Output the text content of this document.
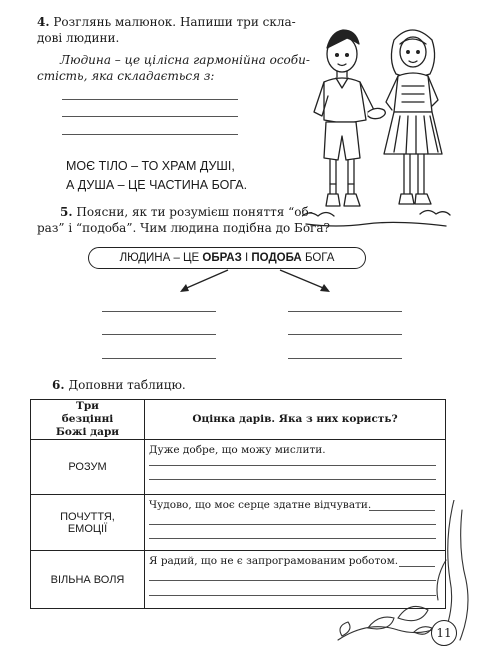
4. Розглянь малюнок. Напиши три скла-
дові людини.
Людина – це цілісна гармонійна особи-
стість, яка складається з:
МОЄ ТІЛО – ТО ХРАМ ДУШІ,
А ДУША – ЦЕ ЧАСТИНА БОГА.
5. Поясни, як ти розумієш поняття “об-
раз” і “подоба”. Чим людина подібна до Бога?
ЛЮДИНА – ЦЕ ОБРАЗ І ПОДОБА БОГА
6. Доповни таблицю.
Три безцінні Божі дари	Оцінка дарів. Яка з них користь?
РОЗУМ	Дуже добре, що можу мислити.

ПОЧУТТЯ, ЕМОЦІЇ	Чудово, що моє серце здатне відчувати.

ВІЛЬНА ВОЛЯ	Я радий, що не є запрограмованим роботом.
11
